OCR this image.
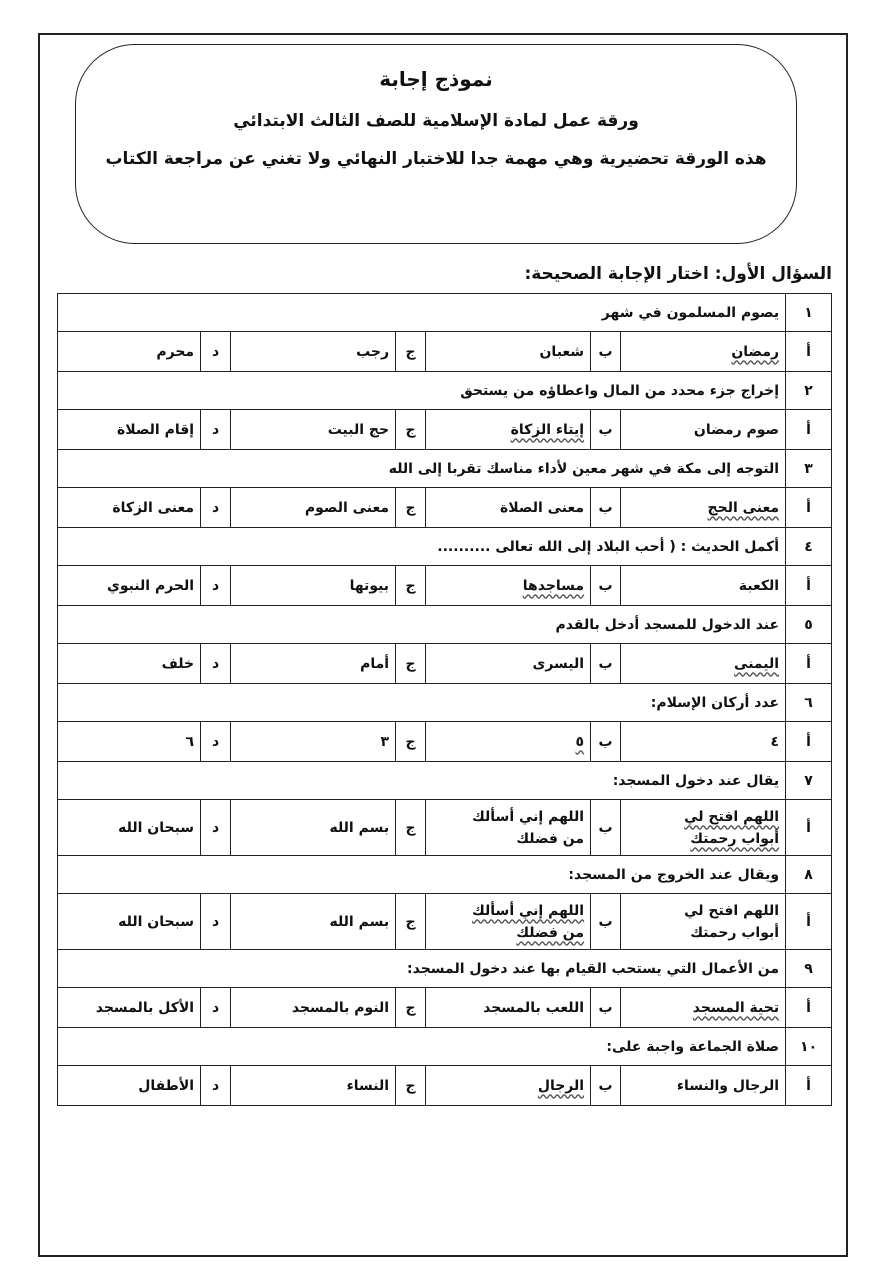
نموذج إجابة
ورقة عمل لمادة الإسلامية للصف الثالث الابتدائي
هذه الورقة تحضيرية وهي مهمة جدا للاختبار النهائي ولا تغني عن مراجعة الكتاب
السؤال الأول: اختار الإجابة الصحيحة:
١	يصوم المسلمون في شهر						
أ	رمضان	ب	شعبان	ج	رجب	د	محرم
٢	إخراج جزء محدد من المال واعطاؤه من يستحق						
أ	صوم رمضان	ب	إيتاء الزكاة	ج	حج البيت	د	إقام الصلاة
٣	التوجه إلى مكة في شهر معين لأداء مناسك تقربا إلى الله						
أ	معنى الحج	ب	معنى الصلاة	ج	معنى الصوم	د	معنى الزكاة
٤	أكمل الحديث : ( أحب البلاد إلى الله تعالى ..........						
أ	الكعبة	ب	مساجدها	ج	بيوتها	د	الحرم النبوي
٥	عند الدخول للمسجد أدخل بالقدم						
أ	اليمنى	ب	اليسرى	ج	أمام	د	خلف
٦	عدد أركان الإسلام:						
أ	٤	ب	٥	ج	٣	د	٦
٧	يقال عند دخول المسجد:						
أ	اللهم افتح لي أبواب رحمتك	ب	اللهم إني أسألك من فضلك	ج	بسم الله	د	سبحان الله
٨	ويقال عند الخروج من المسجد:						
أ	اللهم افتح لي أبواب رحمتك	ب	اللهم إني أسألك من فضلك	ج	بسم الله	د	سبحان الله
٩	من الأعمال التي يستحب القيام بها عند دخول المسجد:						
أ	تحية المسجد	ب	اللعب بالمسجد	ج	النوم بالمسجد	د	الأكل بالمسجد
١٠	صلاة الجماعة واجبة على:						
أ	الرجال والنساء	ب	الرجال	ج	النساء	د	الأطفال
